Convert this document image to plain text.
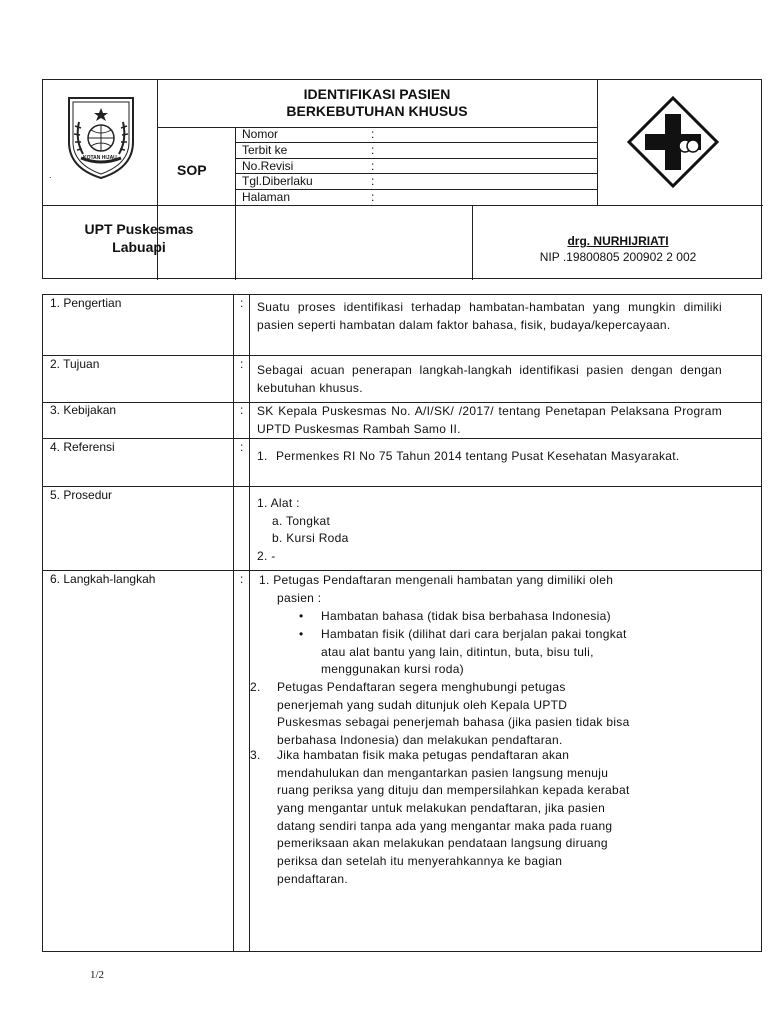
KOTAN HIJAU
.
IDENTIFIKASI PASIEN
BERKEBUTUHAN KHUSUS
SOP
Nomor	:
Terbit ke	:
No.Revisi	:
Tgl.Diberlaku	:
Halaman	:
UPT Puskesmas
Labuapi	drg. NURHIJRIATI
NIP .19800805 200902 2 002
1. Pengertian	: Suatu proses identifikasi terhadap hambatan-hambatan yang mungkin dimiliki pasien seperti hambatan dalam faktor bahasa, fisik, budaya/kepercayaan.
2. Tujuan	: Sebagai acuan penerapan langkah-langkah identifikasi pasien dengan dengan kebutuhan khusus.
3. Kebijakan	: SK Kepala Puskesmas No. A/I/SK/ /2017/ tentang Penetapan Pelaksana Program UPTD Puskesmas Rambah Samo II.
4. Referensi	:
1. Permenkes RI No 75 Tahun 2014 tentang Pusat Kesehatan Masyarakat.
5. Prosedur
1. Alat :
a. Tongkat
b. Kursi Roda
2. -
6. Langkah-langkah	: 1. Petugas Pendaftaran mengenali hambatan yang dimiliki oleh
pasien :
• Hambatan bahasa (tidak bisa berbahasa Indonesia)
• Hambatan fisik (dilihat dari cara berjalan pakai tongkat
atau alat bantu yang lain, ditintun, buta, bisu tuli,
menggunakan kursi roda)
2. Petugas Pendaftaran segera menghubungi petugas
penerjemah yang sudah ditunjuk oleh Kepala UPTD
Puskesmas sebagai penerjemah bahasa (jika pasien tidak bisa
berbahasa Indonesia) dan melakukan pendaftaran.
3. Jika hambatan fisik maka petugas pendaftaran akan
mendahulukan dan mengantarkan pasien langsung menuju
ruang periksa yang dituju dan mempersilahkan kepada kerabat
yang mengantar untuk melakukan pendaftaran, jika pasien
datang sendiri tanpa ada yang mengantar maka pada ruang
pemeriksaan akan melakukan pendataan langsung diruang
periksa dan setelah itu menyerahkannya ke bagian
pendaftaran.
1/2
